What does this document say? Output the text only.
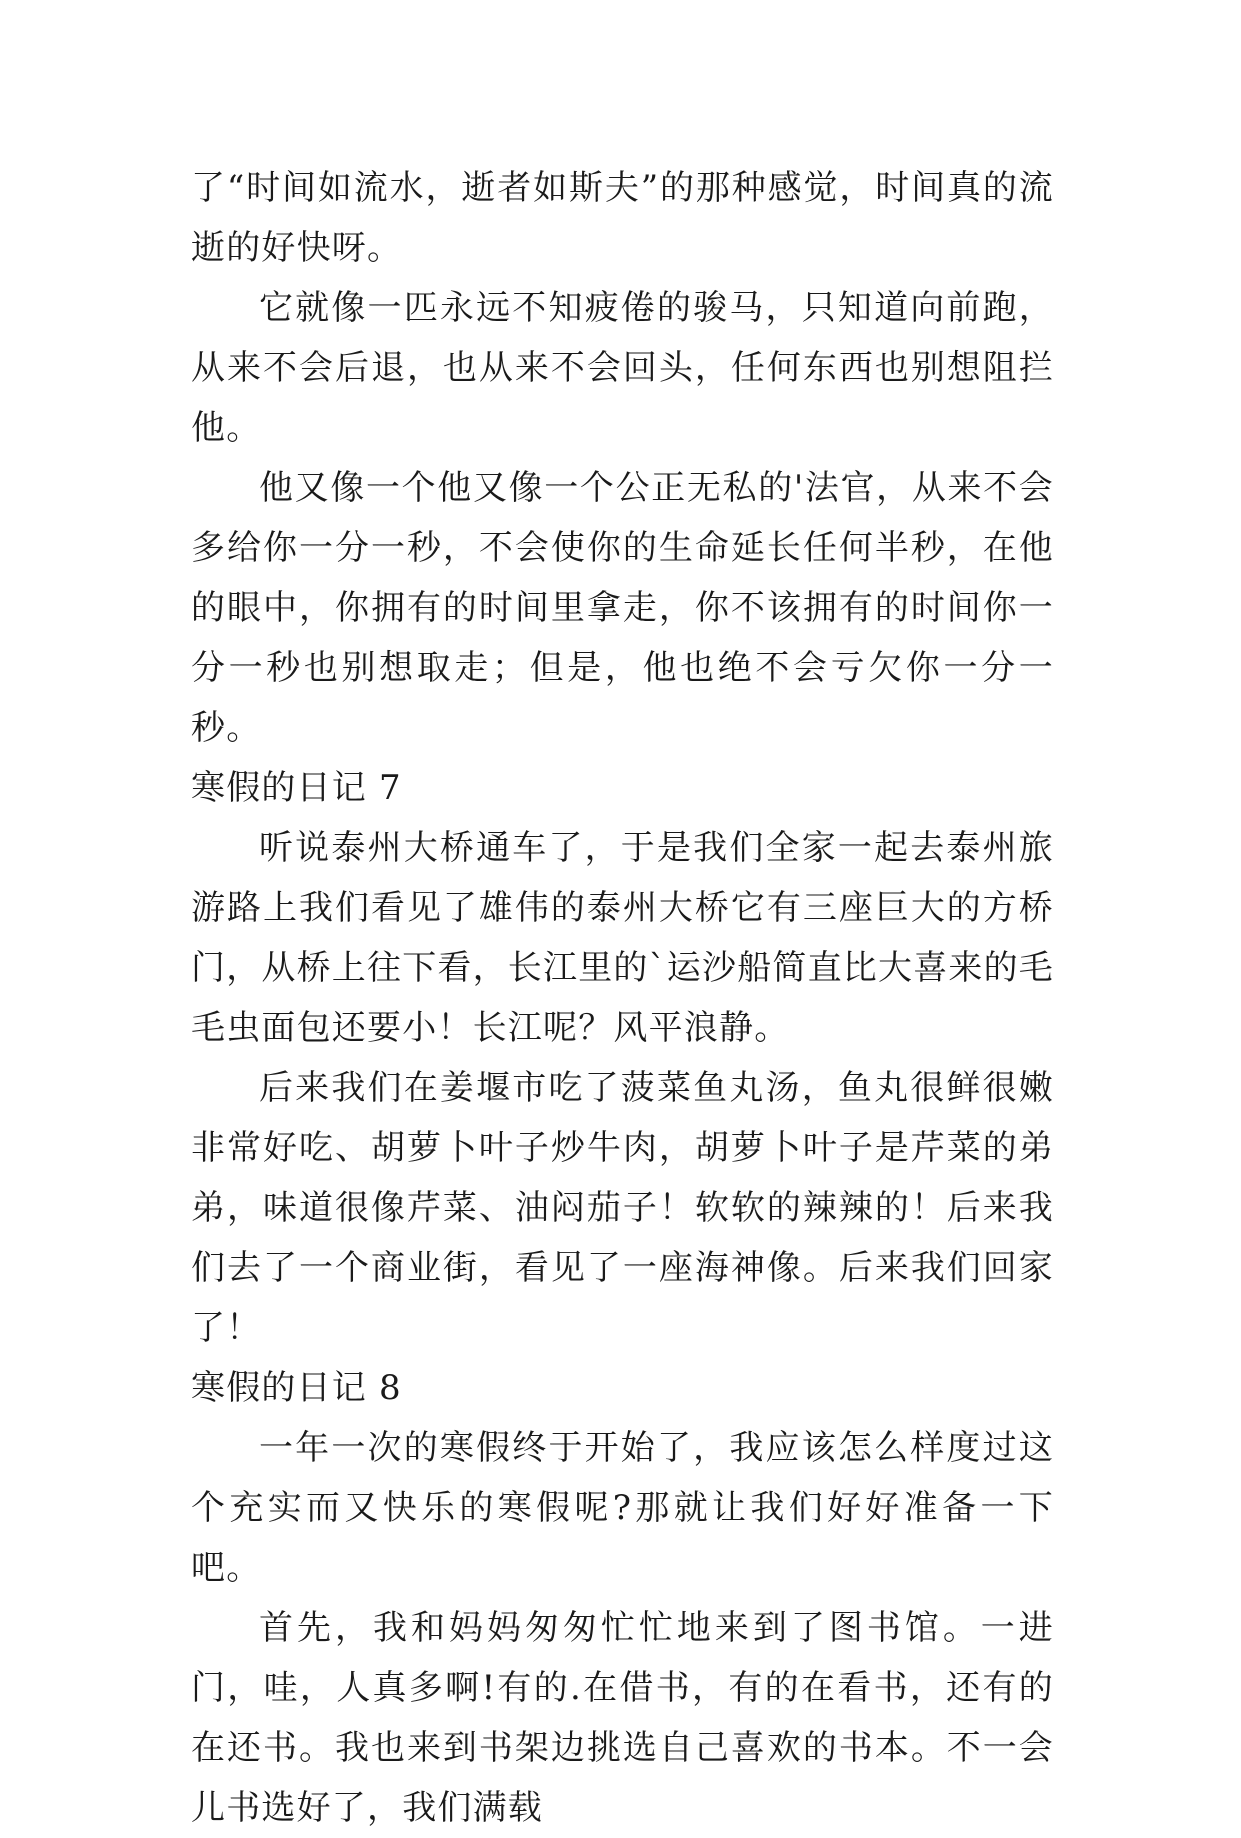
了“时间如流水，逝者如斯夫”的那种感觉，时间真的流逝的好快呀。

它就像一匹永远不知疲倦的骏马，只知道向前跑，从来不会后退，也从来不会回头，任何东西也别想阻拦他。

他又像一个他又像一个公正无私的'法官，从来不会多给你一分一秒，不会使你的生命延长任何半秒，在他的眼中，你拥有的时间里拿走，你不该拥有的时间你一分一秒也别想取走；但是，他也绝不会亏欠你一分一秒。

寒假的日记 7

听说泰州大桥通车了，于是我们全家一起去泰州旅游路上我们看见了雄伟的泰州大桥它有三座巨大的方桥门，从桥上往下看，长江里的`运沙船简直比大喜来的毛毛虫面包还要小！长江呢？风平浪静。

后来我们在姜堰市吃了菠菜鱼丸汤，鱼丸很鲜很嫩非常好吃、胡萝卜叶子炒牛肉，胡萝卜叶子是芹菜的弟弟，味道很像芹菜、油闷茄子！软软的辣辣的！后来我们去了一个商业街，看见了一座海神像。后来我们回家了！

寒假的日记 8

一年一次的寒假终于开始了，我应该怎么样度过这个充实而又快乐的寒假呢?那就让我们好好准备一下吧。

首先，我和妈妈匆匆忙忙地来到了图书馆。一进门，哇，人真多啊!有的.在借书，有的在看书，还有的在还书。我也来到书架边挑选自己喜欢的书本。不一会儿书选好了，我们满载
